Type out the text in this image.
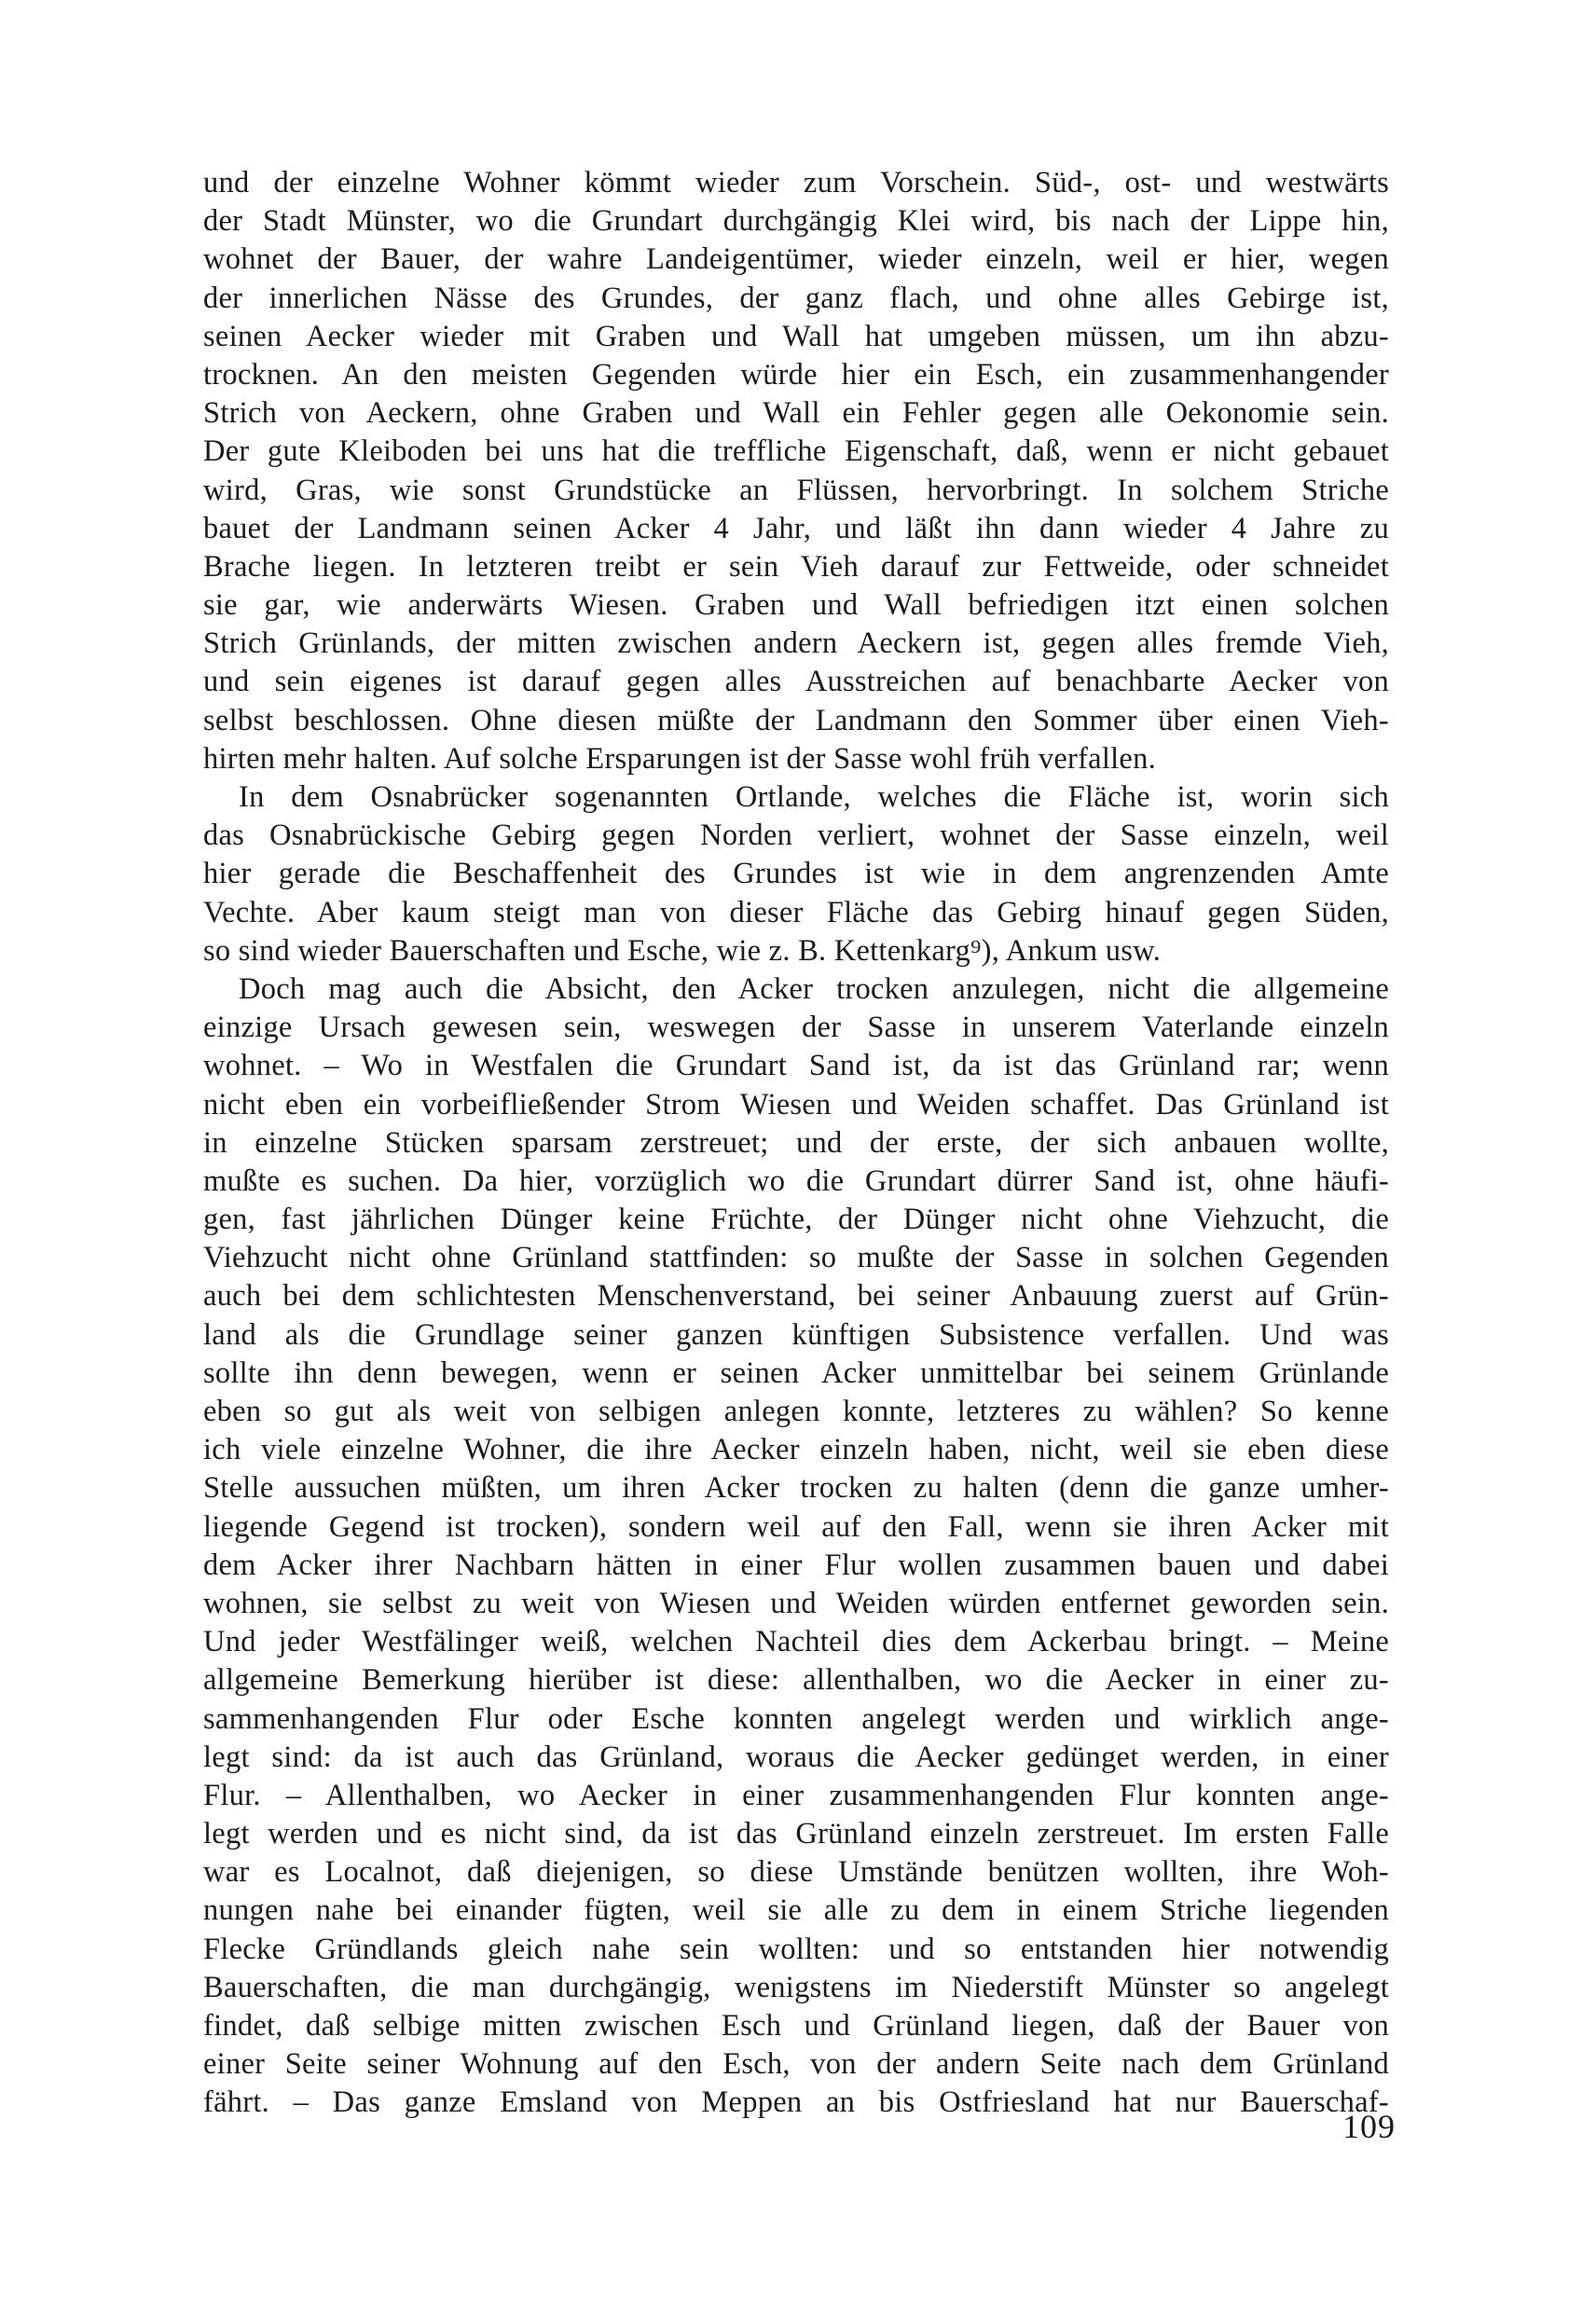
und der einzelne Wohner kömmt wieder zum Vorschein. Süd-, ost- und westwärts
der Stadt Münster, wo die Grundart durchgängig Klei wird, bis nach der Lippe hin,
wohnet der Bauer, der wahre Landeigentümer, wieder einzeln, weil er hier, wegen
der innerlichen Nässe des Grundes, der ganz flach, und ohne alles Gebirge ist,
seinen Aecker wieder mit Graben und Wall hat umgeben müssen, um ihn abzu-
trocknen. An den meisten Gegenden würde hier ein Esch, ein zusammenhangender
Strich von Aeckern, ohne Graben und Wall ein Fehler gegen alle Oekonomie sein.
Der gute Kleiboden bei uns hat die treffliche Eigenschaft, daß, wenn er nicht gebauet
wird, Gras, wie sonst Grundstücke an Flüssen, hervorbringt. In solchem Striche
bauet der Landmann seinen Acker 4 Jahr, und läßt ihn dann wieder 4 Jahre zu
Brache liegen. In letzteren treibt er sein Vieh darauf zur Fettweide, oder schneidet
sie gar, wie anderwärts Wiesen. Graben und Wall befriedigen itzt einen solchen
Strich Grünlands, der mitten zwischen andern Aeckern ist, gegen alles fremde Vieh,
und sein eigenes ist darauf gegen alles Ausstreichen auf benachbarte Aecker von
selbst beschlossen. Ohne diesen müßte der Landmann den Sommer über einen Vieh-
hirten mehr halten. Auf solche Ersparungen ist der Sasse wohl früh verfallen.
In dem Osnabrücker sogenannten Ortlande, welches die Fläche ist, worin sich
das Osnabrückische Gebirg gegen Norden verliert, wohnet der Sasse einzeln, weil
hier gerade die Beschaffenheit des Grundes ist wie in dem angrenzenden Amte
Vechte. Aber kaum steigt man von dieser Fläche das Gebirg hinauf gegen Süden,
so sind wieder Bauerschaften und Esche, wie z. B. Kettenkarg⁹), Ankum usw.
Doch mag auch die Absicht, den Acker trocken anzulegen, nicht die allgemeine
einzige Ursach gewesen sein, weswegen der Sasse in unserem Vaterlande einzeln
wohnet. – Wo in Westfalen die Grundart Sand ist, da ist das Grünland rar; wenn
nicht eben ein vorbeifließender Strom Wiesen und Weiden schaffet. Das Grünland ist
in einzelne Stücken sparsam zerstreuet; und der erste, der sich anbauen wollte,
mußte es suchen. Da hier, vorzüglich wo die Grundart dürrer Sand ist, ohne häufi-
gen, fast jährlichen Dünger keine Früchte, der Dünger nicht ohne Viehzucht, die
Viehzucht nicht ohne Grünland stattfinden: so mußte der Sasse in solchen Gegenden
auch bei dem schlichtesten Menschenverstand, bei seiner Anbauung zuerst auf Grün-
land als die Grundlage seiner ganzen künftigen Subsistence verfallen. Und was
sollte ihn denn bewegen, wenn er seinen Acker unmittelbar bei seinem Grünlande
eben so gut als weit von selbigen anlegen konnte, letzteres zu wählen? So kenne
ich viele einzelne Wohner, die ihre Aecker einzeln haben, nicht, weil sie eben diese
Stelle aussuchen müßten, um ihren Acker trocken zu halten (denn die ganze umher-
liegende Gegend ist trocken), sondern weil auf den Fall, wenn sie ihren Acker mit
dem Acker ihrer Nachbarn hätten in einer Flur wollen zusammen bauen und dabei
wohnen, sie selbst zu weit von Wiesen und Weiden würden entfernet geworden sein.
Und jeder Westfälinger weiß, welchen Nachteil dies dem Ackerbau bringt. – Meine
allgemeine Bemerkung hierüber ist diese: allenthalben, wo die Aecker in einer zu-
sammenhangenden Flur oder Esche konnten angelegt werden und wirklich ange-
legt sind: da ist auch das Grünland, woraus die Aecker gedünget werden, in einer
Flur. – Allenthalben, wo Aecker in einer zusammenhangenden Flur konnten ange-
legt werden und es nicht sind, da ist das Grünland einzeln zerstreuet. Im ersten Falle
war es Localnot, daß diejenigen, so diese Umstände benützen wollten, ihre Woh-
nungen nahe bei einander fügten, weil sie alle zu dem in einem Striche liegenden
Flecke Gründlands gleich nahe sein wollten: und so entstanden hier notwendig
Bauerschaften, die man durchgängig, wenigstens im Niederstift Münster so angelegt
findet, daß selbige mitten zwischen Esch und Grünland liegen, daß der Bauer von
einer Seite seiner Wohnung auf den Esch, von der andern Seite nach dem Grünland
fährt. – Das ganze Emsland von Meppen an bis Ostfriesland hat nur Bauerschaf-
109
